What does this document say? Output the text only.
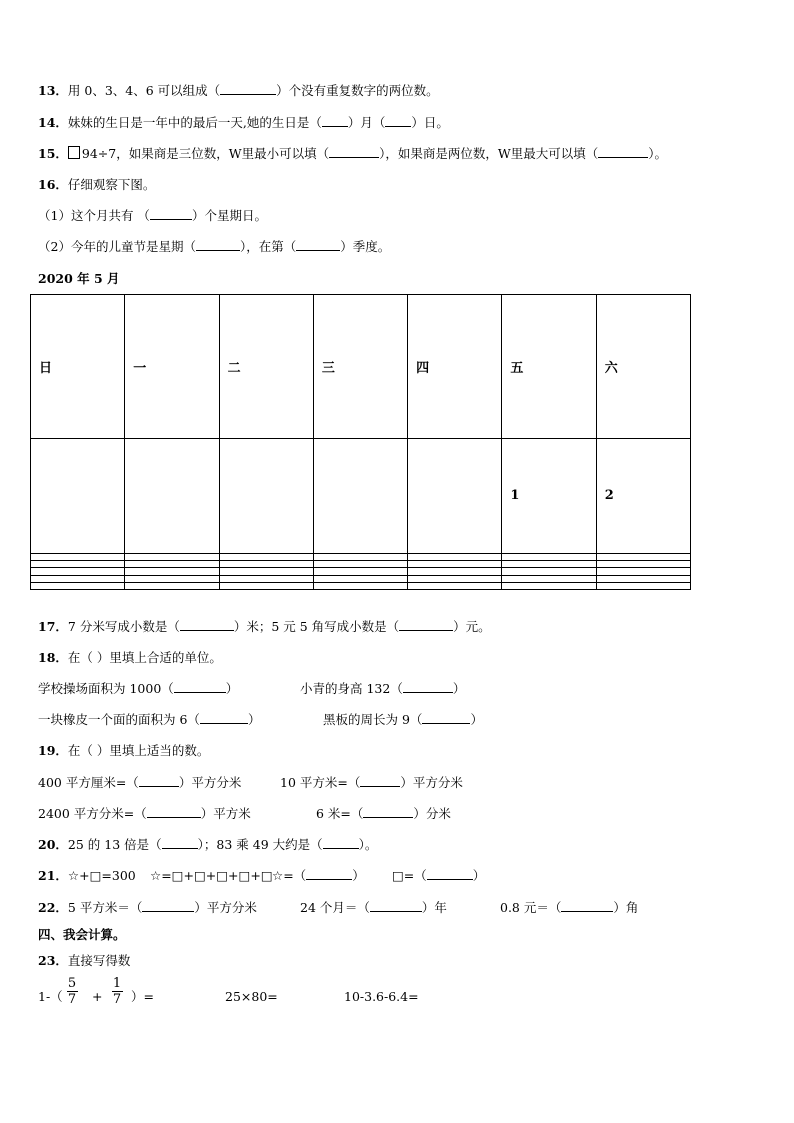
13．用 0、3、4、6 可以组成（	）个没有重复数字的两位数。
14．妹妹的生日是一年中的最后一天,她的生日是（ ）月（ ）日。
15． 94÷7，如果商是三位数，W里最小可以填（	），如果商是两位数，W里最大可以填（	）。
16．仔细观察下图。
（1）这个月共有 （	）个星期日。
（2）今年的儿童节是星期（	），在第（	）季度。
2020 年 5 月
日	一	二	三	四	五	六
					1	2

17．7 分米写成小数是（	）米；5 元 5 角写成小数是（	）元。
18．在（ ）里填上合适的单位。
学校操场面积为 1000（	）	小青的身高 132（	）
一块橡皮一个面的面积为 6（	）	黑板的周长为 9（	）
19．在（ ）里填上适当的数。
400 平方厘米=（	）平方分米	10 平方米=（	）平方分米
2400 平方分米=（	）平方米	6 米=（	）分米
20．25 的 13 倍是（	）；83 乘 49 大约是（	）。
21．☆+□=300 ☆=□+□+□+□+□ ☆=（	） □=（	）
22．5 平方米＝（	）平方分米	24 个月＝（	）年	0.8 元＝（	）角
四、我会计算。
23．直接写得数
1-（
5
7	+
1
7 ）=	25×80=	10-3.6-6.4=
